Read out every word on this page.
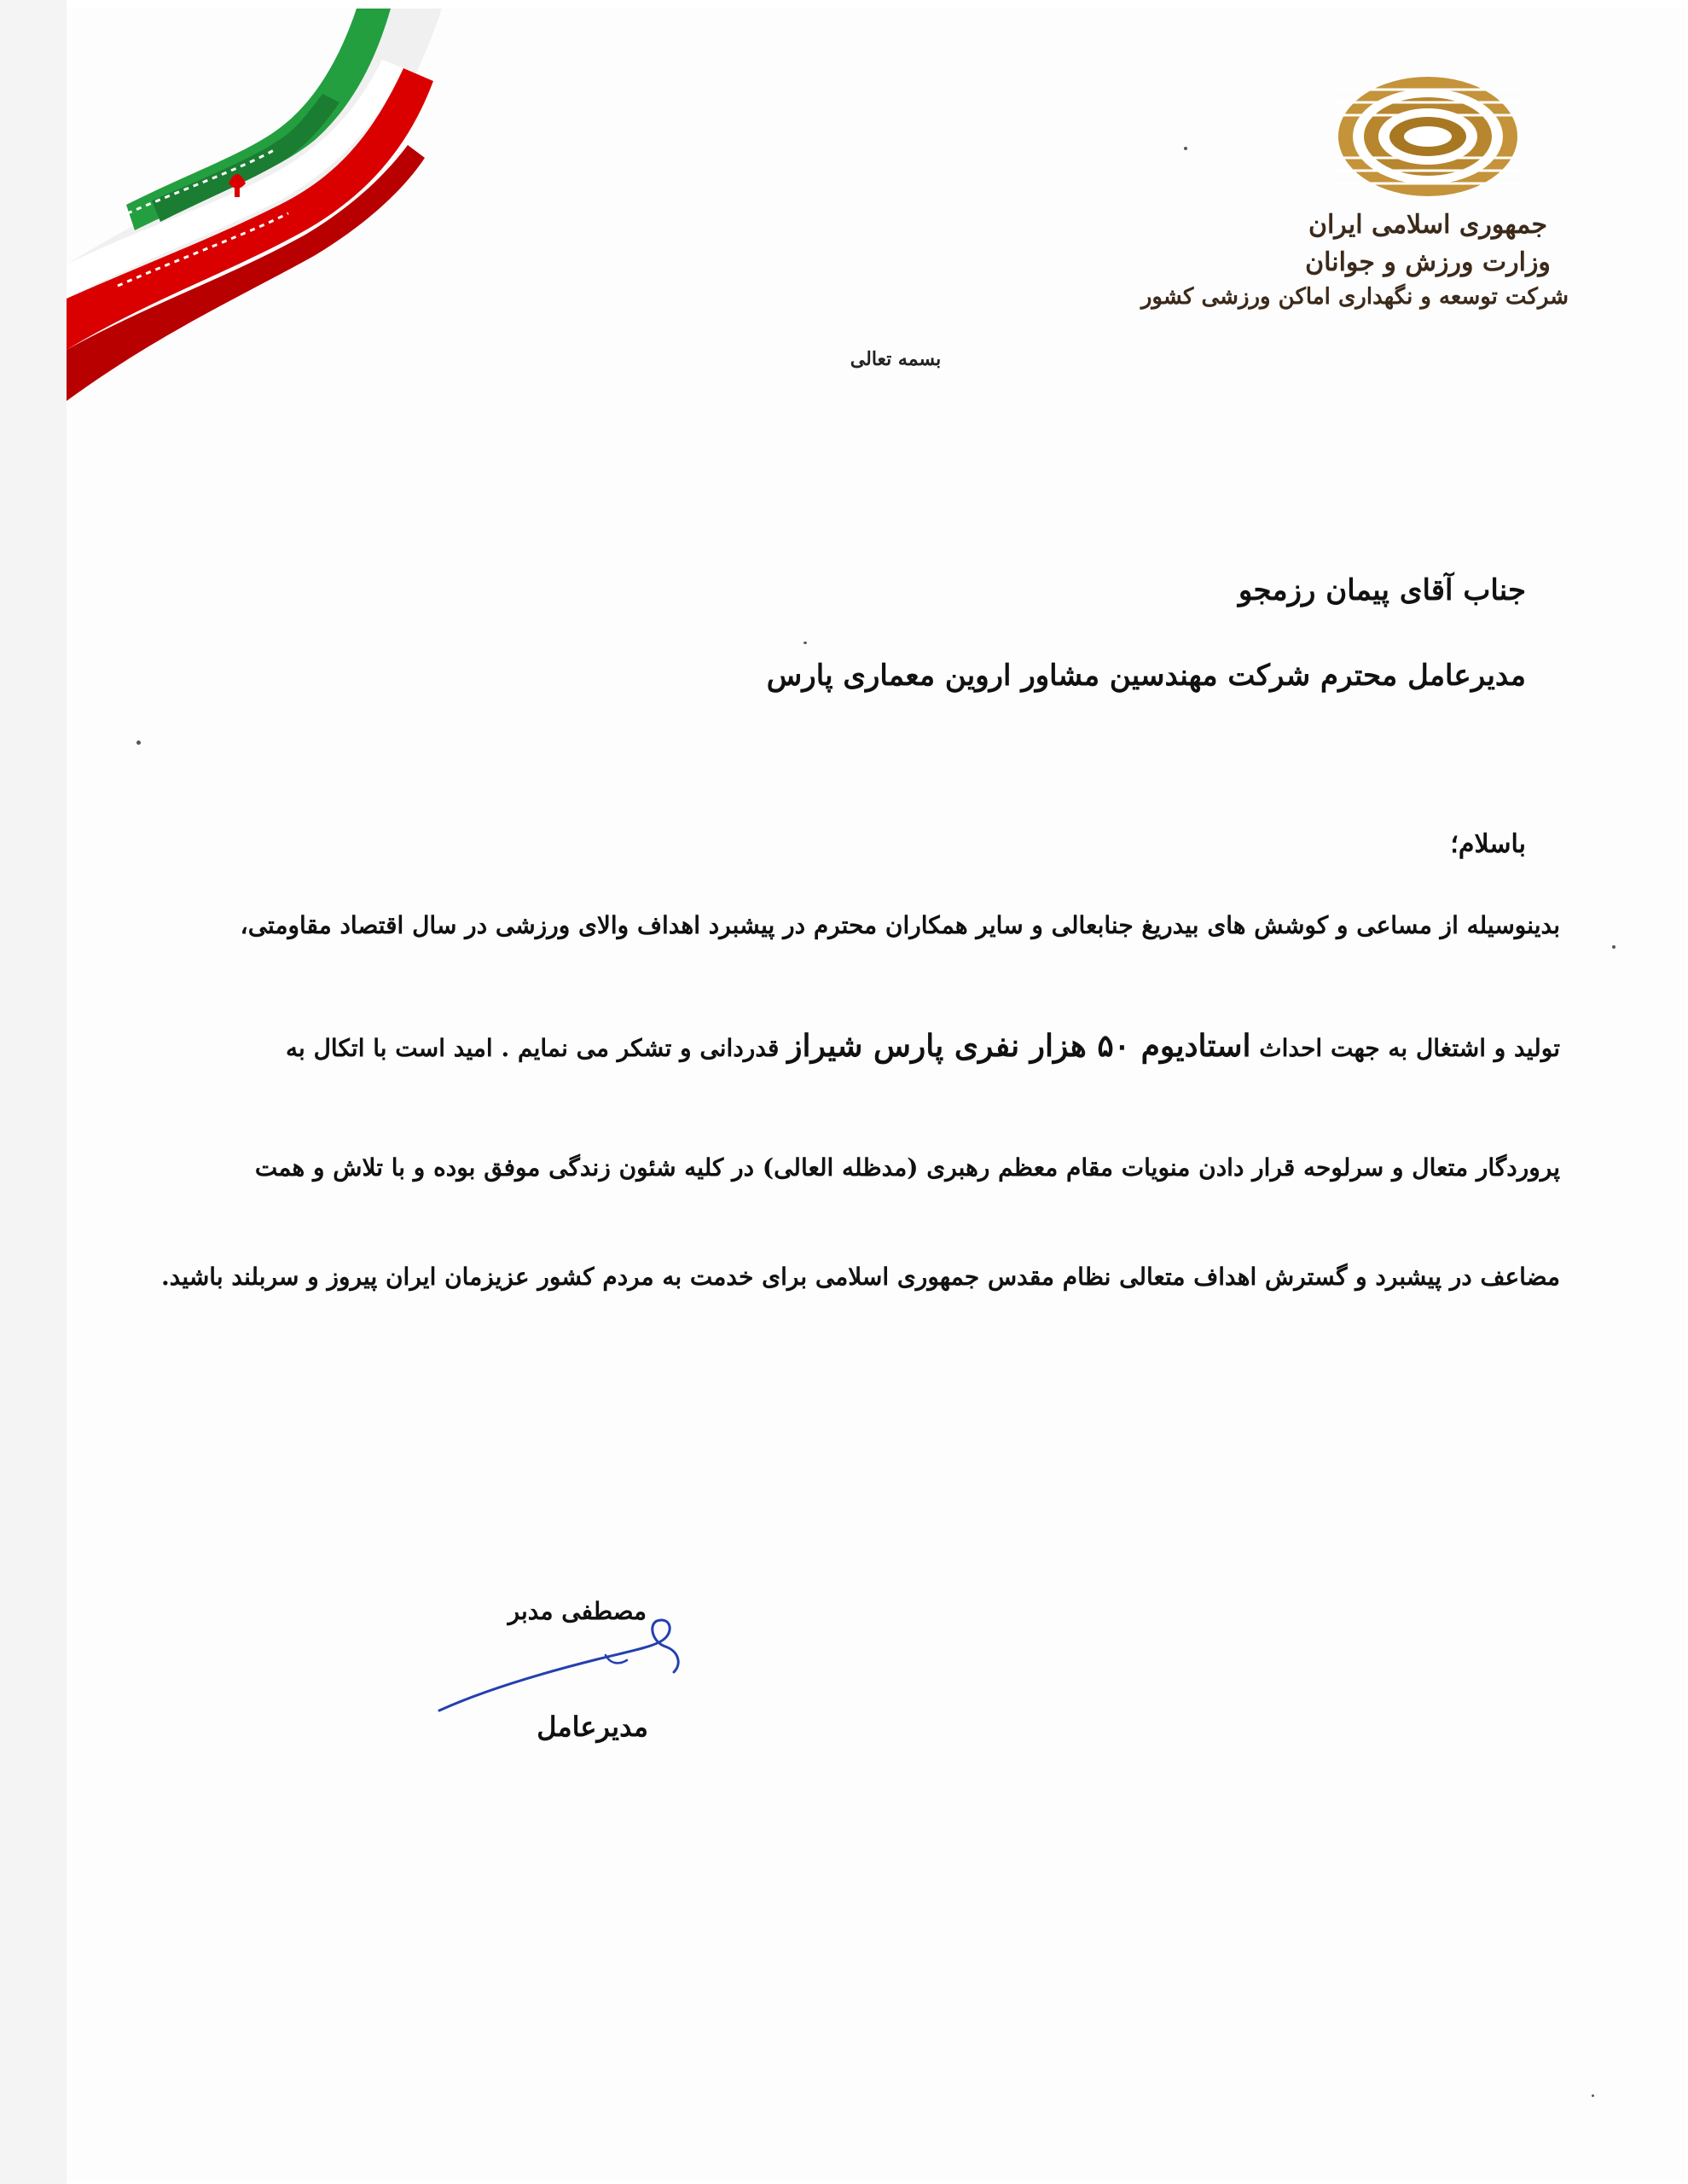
جمهوری اسلامی ایران
وزارت ورزش و جوانان
شرکت توسعه و نگهداری اماکن ورزشی کشور
بسمه تعالی
جناب آقای پیمان رزمجو
مدیرعامل محترم شرکت مهندسین مشاور اروین معماری پارس
باسلام؛
بدینوسیله از مساعی و کوشش های بیدریغ جنابعالی و سایر همکاران محترم در پیشبرد اهداف والای ورزشی در سال اقتصاد مقاومتی،
تولید و اشتغال به جهت احداث استادیوم ۵۰ هزار نفری پارس شیراز قدردانی و تشکر می نمایم . امید است با اتکال به
پروردگار متعال و سرلوحه قرار دادن منویات مقام معظم رهبری (مدظله العالی) در کلیه شئون زندگی موفق بوده و با تلاش و همت
مضاعف در پیشبرد و گسترش اهداف متعالی نظام مقدس جمهوری اسلامی برای خدمت به مردم کشور عزیزمان ایران پیروز و سربلند باشید.
مصطفی مدبر
مدیرعامل
